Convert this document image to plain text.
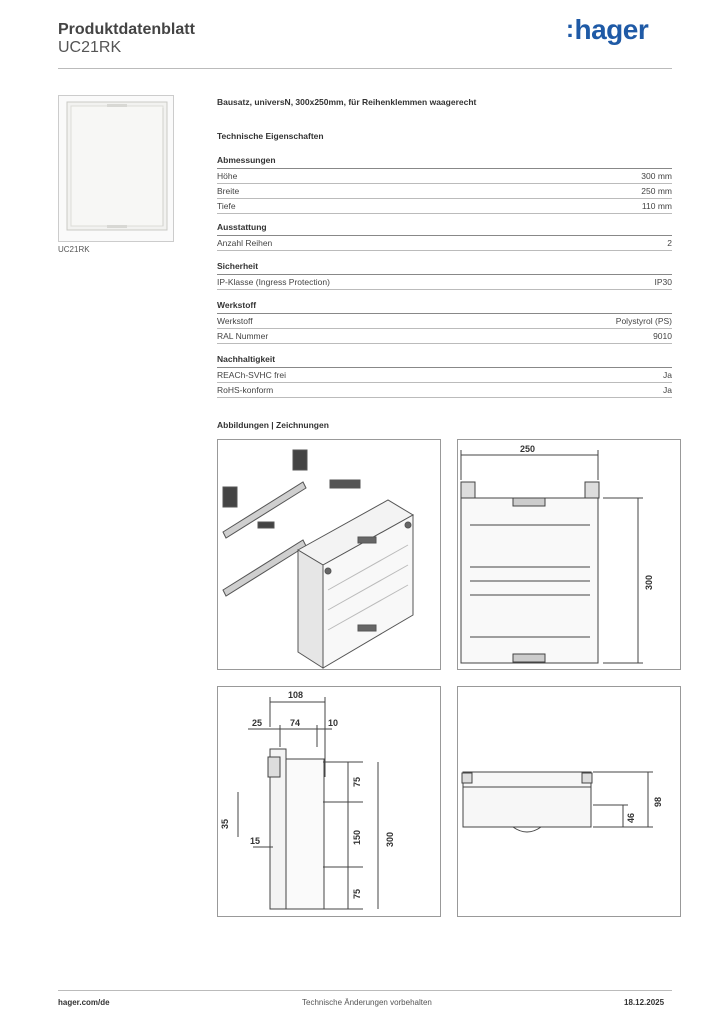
Produktdatenblatt
UC21RK
:hager
UC21RK
Bausatz, universN, 300x250mm, für Reihenklemmen waagerecht
Technische Eigenschaften
Abmessungen
Höhe	300 mm
Breite	250 mm
Tiefe	110 mm
Ausstattung
Anzahl Reihen	2
Sicherheit
IP-Klasse (Ingress Protection)	IP30
Werkstoff
Werkstoff	Polystyrol (PS)
RAL Nummer	9010
Nachhaltigkeit
REACh-SVHC frei	Ja
RoHS-konform	Ja
Abbildungen | Zeichnungen
250
300
108
25	74	10
75
150
75
300
35
15
46
98
hager.com/de	Technische Änderungen vorbehalten	18.12.2025
